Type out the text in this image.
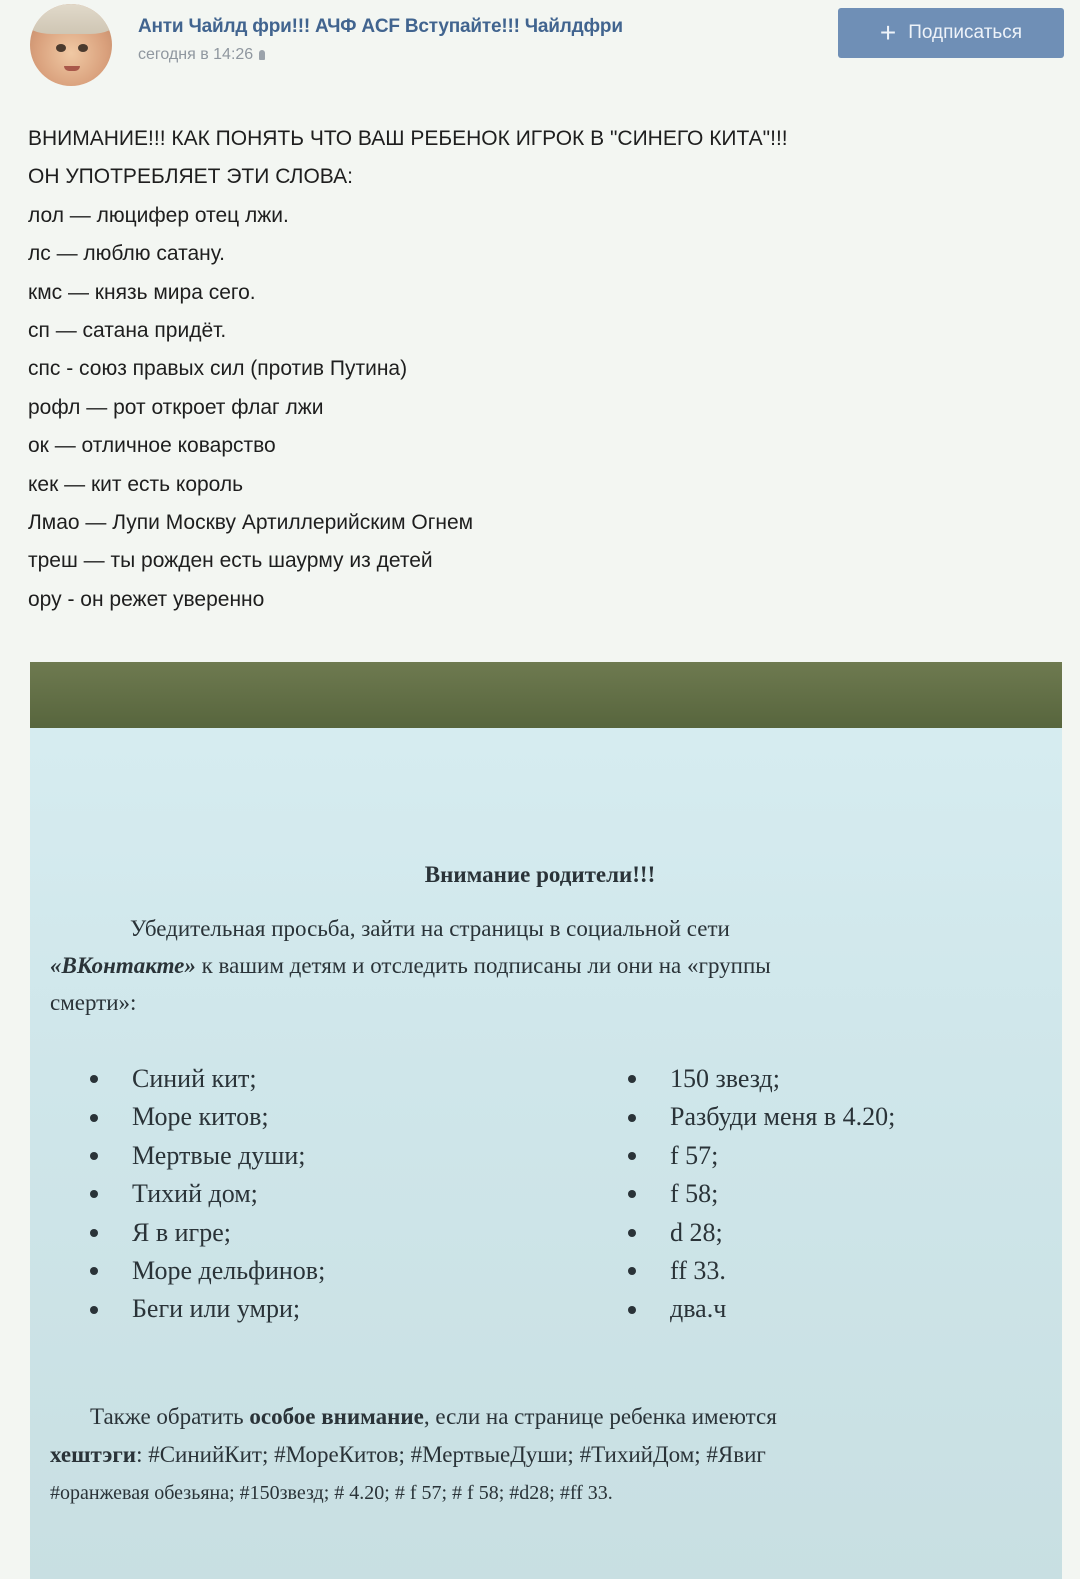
Анти Чайлд фри!!! АЧФ ACF Вступайте!!! Чайлдфри
сегодня в 14:26
+ Подписаться
ВНИМАНИЕ!!! КАК ПОНЯТЬ ЧТО ВАШ РЕБЕНОК ИГРОК В "СИНЕГО КИТА"!!!
ОН УПОТРЕБЛЯЕТ ЭТИ СЛОВА:
лол — люцифер отец лжи.
лс — люблю сатану.
кмс — князь мира сего.
сп — сатана придёт.
спс - союз правых сил (против Путина)
рофл — рот откроет флаг лжи
ок — отличное коварство
кек — кит есть король
Лмао — Лупи Москву Артиллерийским Огнем
треш — ты рожден есть шаурму из детей
ору - он режет уверенно
Внимание родители!!!
Убедительная просьба, зайти на страницы в социальной сети
«ВКонтакте» к вашим детям и отследить подписаны ли они на «группы
смерти»:
Синий кит;
Море китов;
Мертвые души;
Тихий дом;
Я в игре;
Море дельфинов;
Беги или умри;
150 звезд;
Разбуди меня в 4.20;
f 57;
f 58;
d 28;
ff 33.
два.ч
Также обратить особое внимание, если на странице ребенка имеются
хештэги: #СинийКит; #МореКитов; #МертвыеДуши; #ТихийДом; #Явиг
#оранжевая обезьяна; #150звезд; # 4.20; # f 57; # f 58; #d28; #ff 33.
